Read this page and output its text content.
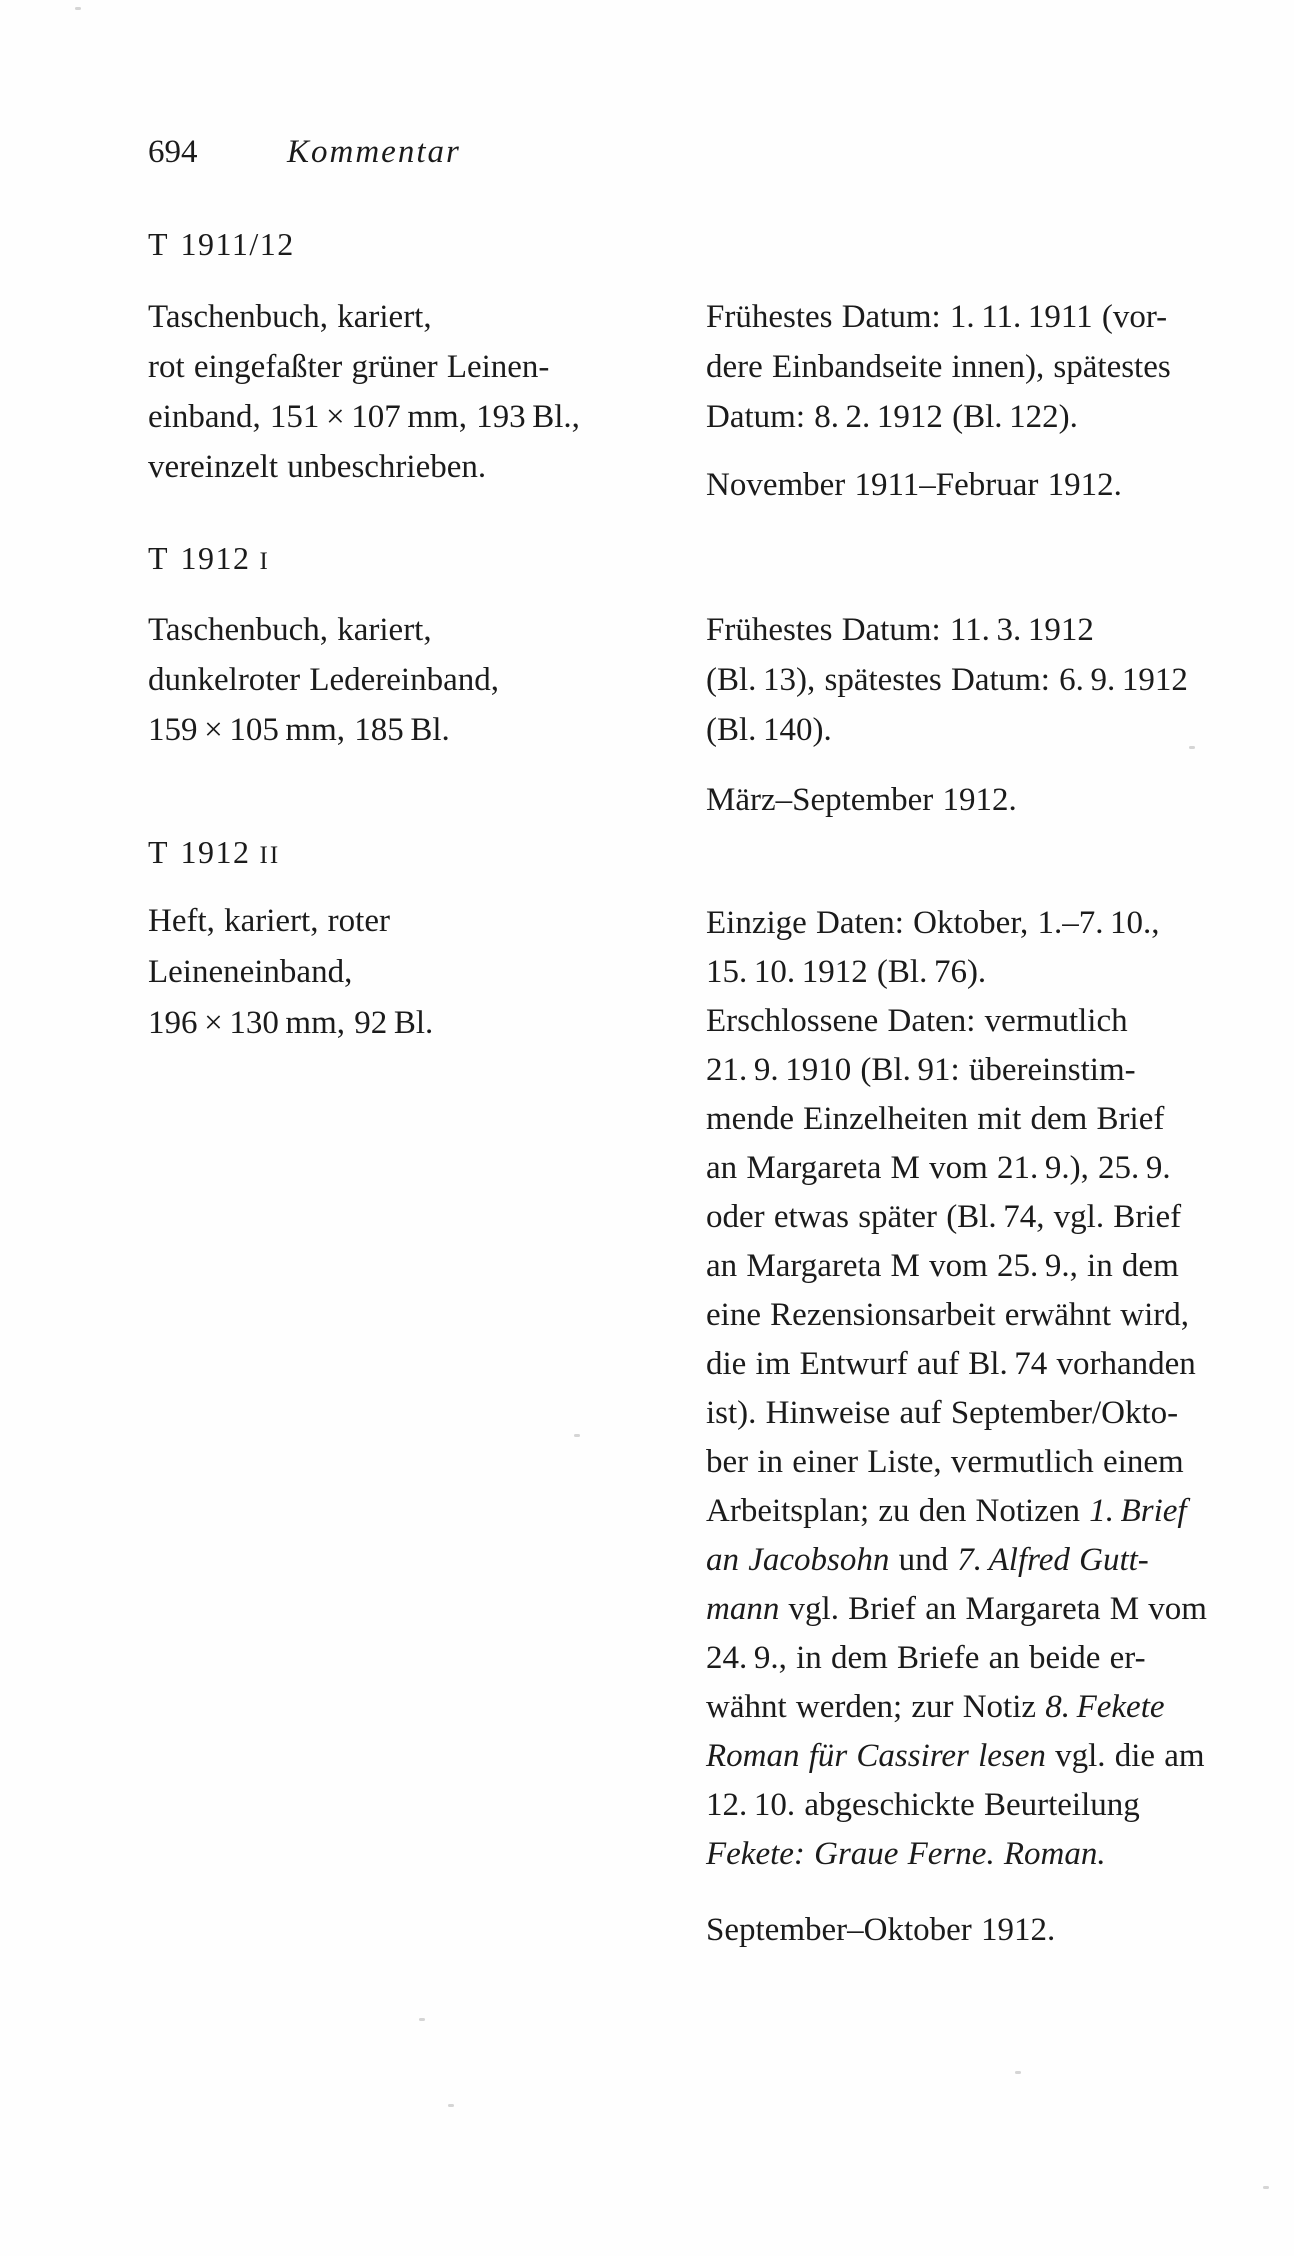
694	Kommentar
T 1911/12
Taschenbuch, kariert,
rot eingefaßter grüner Leinen-
einband, 151 × 107 mm, 193 Bl.,
vereinzelt unbeschrieben.
Frühestes Datum: 1. 11. 1911 (vor-
dere Einbandseite innen), spätestes
Datum: 8. 2. 1912 (Bl. 122).
November 1911–Februar 1912.
T 1912 I
Taschenbuch, kariert,
dunkelroter Ledereinband,
159 × 105 mm, 185 Bl.
Frühestes Datum: 11. 3. 1912
(Bl. 13), spätestes Datum: 6. 9. 1912
(Bl. 140).
März–September 1912.
T 1912 II
Heft, kariert, roter
Leineneinband,
196 × 130 mm, 92 Bl.
Einzige Daten: Oktober, 1.–7. 10.,
15. 10. 1912 (Bl. 76).
Erschlossene Daten: vermutlich
21. 9. 1910 (Bl. 91: übereinstim-
mende Einzelheiten mit dem Brief
an Margareta M vom 21. 9.), 25. 9.
oder etwas später (Bl. 74, vgl. Brief
an Margareta M vom 25. 9., in dem
eine Rezensionsarbeit erwähnt wird,
die im Entwurf auf Bl. 74 vorhanden
ist). Hinweise auf September/Okto-
ber in einer Liste, vermutlich einem
Arbeitsplan; zu den Notizen 1. Brief
an Jacobsohn und 7. Alfred Gutt-
mann vgl. Brief an Margareta M vom
24. 9., in dem Briefe an beide er-
wähnt werden; zur Notiz 8. Fekete
Roman für Cassirer lesen vgl. die am
12. 10. abgeschickte Beurteilung
Fekete: Graue Ferne. Roman.
September–Oktober 1912.
